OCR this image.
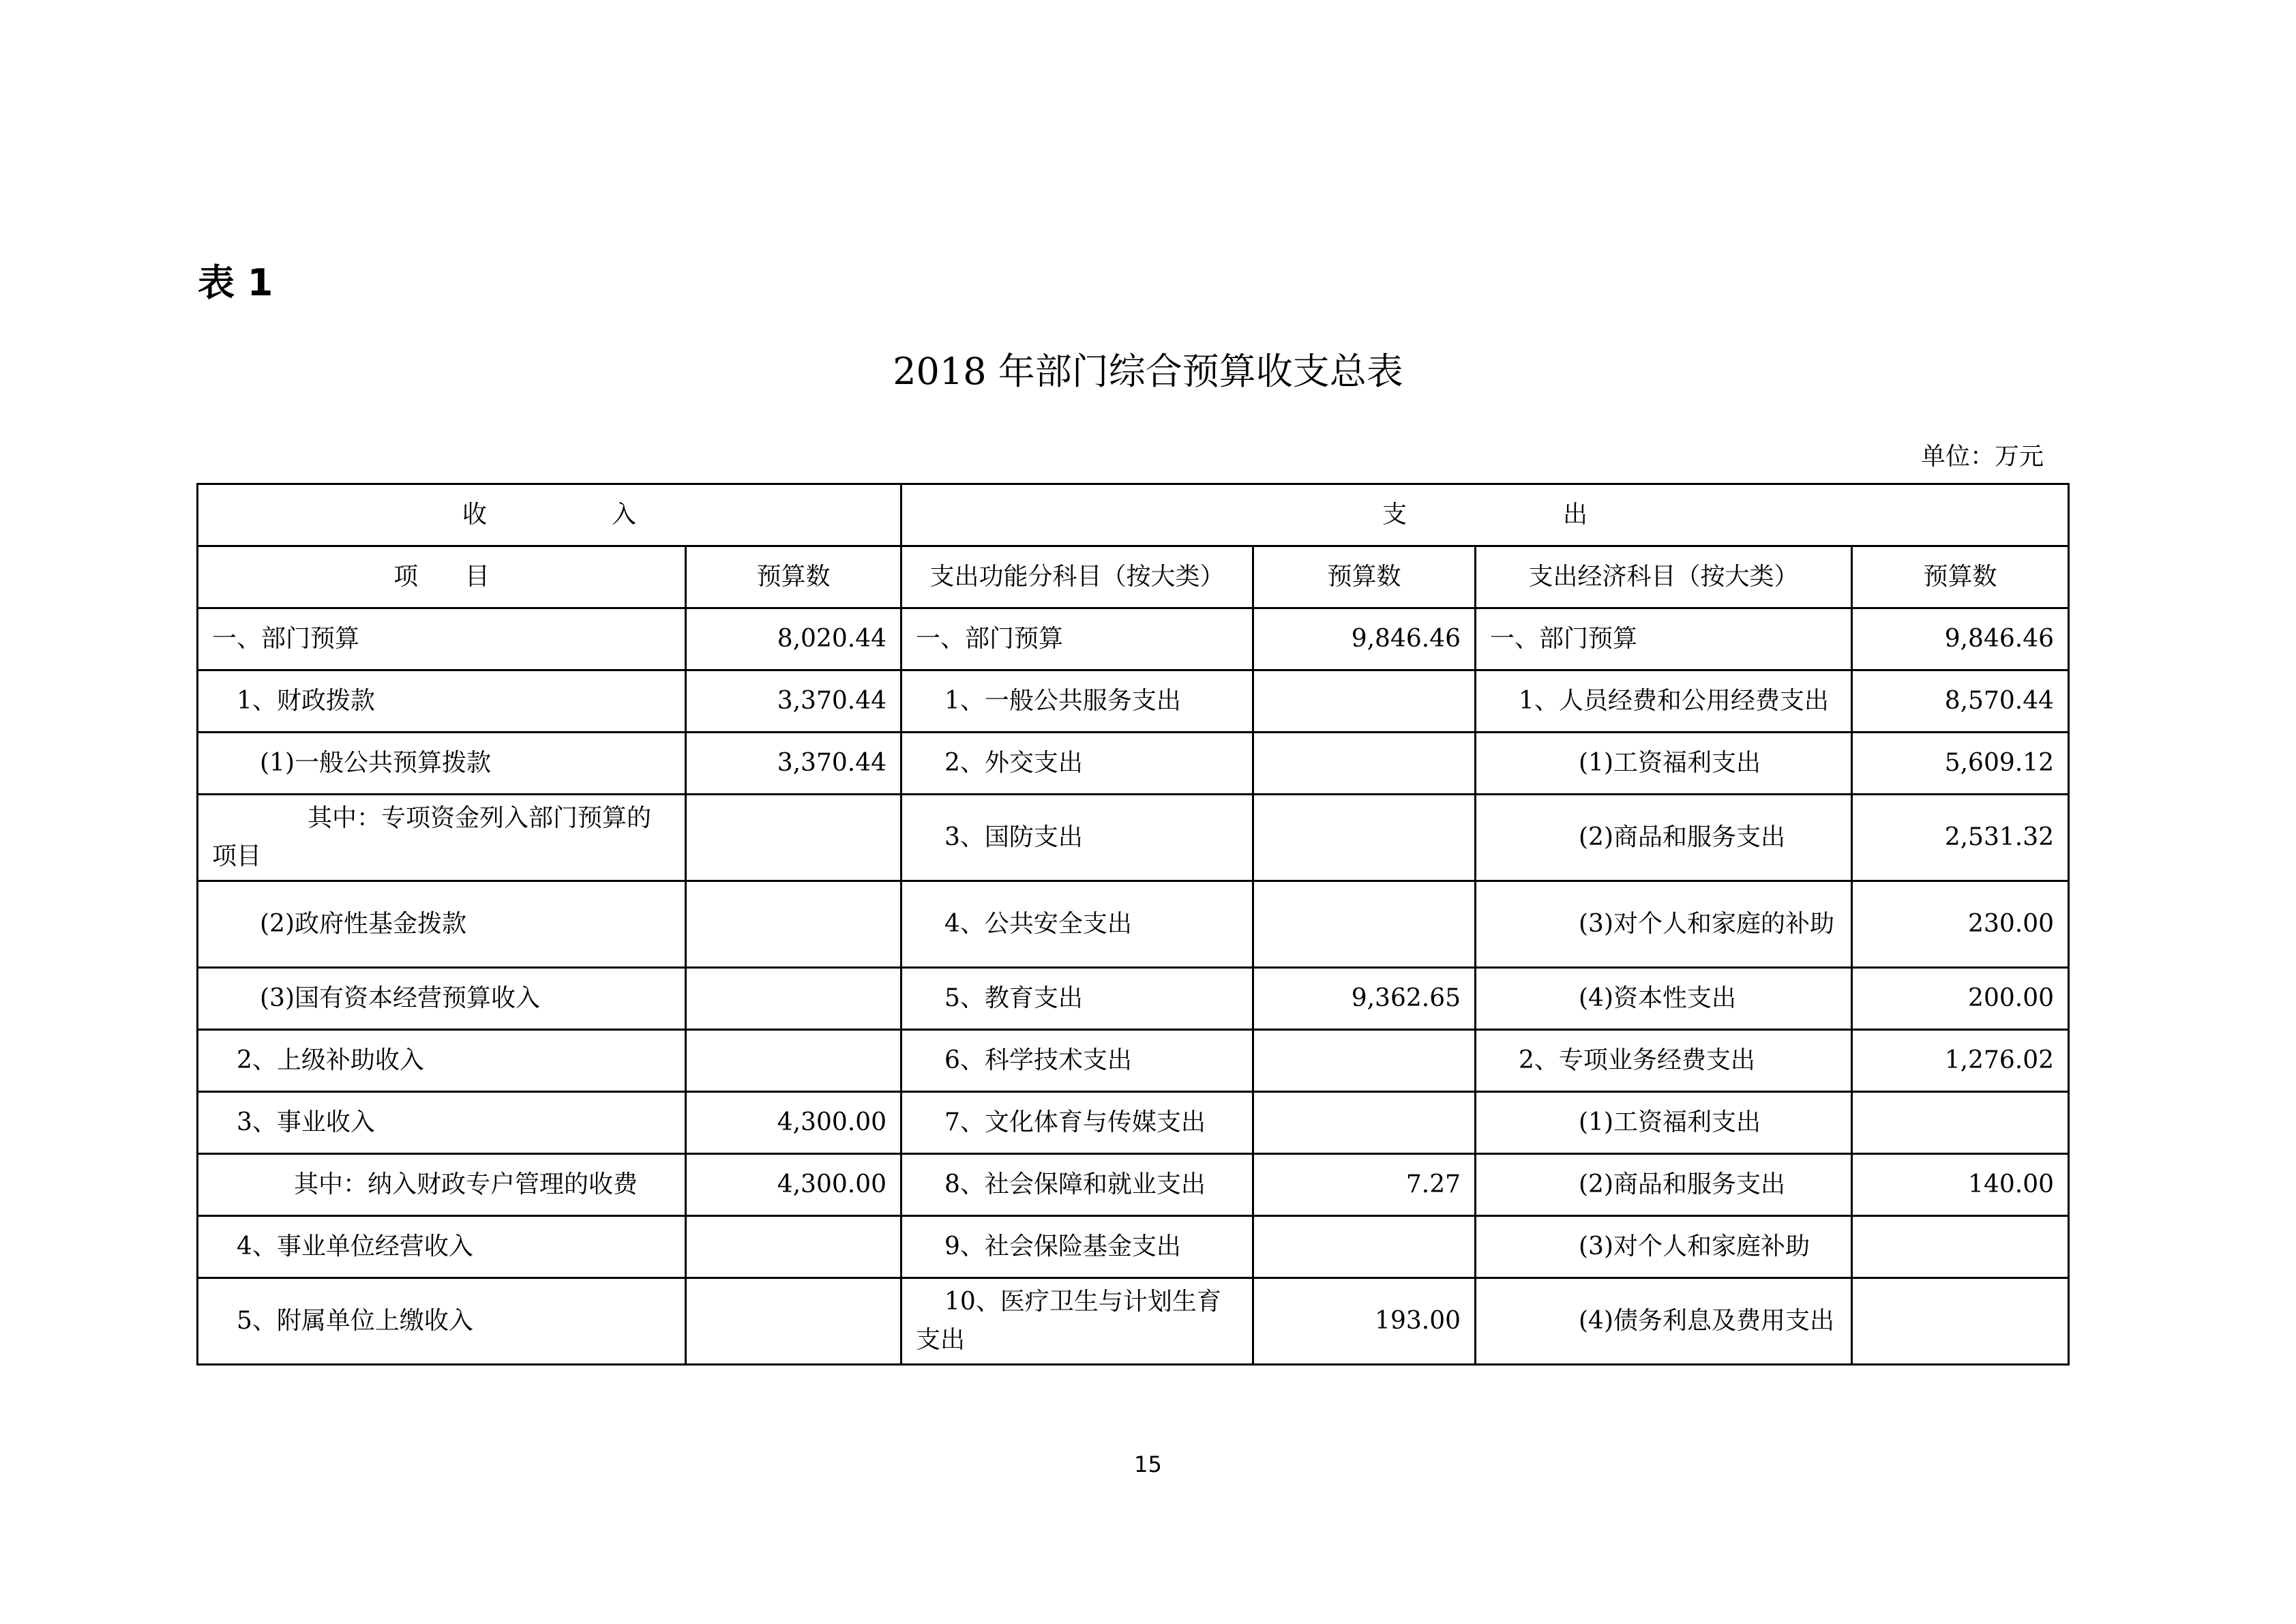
表 1
2018 年部门综合预算收支总表
单位：万元
收                入		支                    出			
项      目	预算数	支出功能分科目（按大类）	预算数	支出经济科目（按大类）	预算数
一、部门预算	8,020.44	一、部门预算	9,846.46	一、部门预算	9,846.46
1、财政拨款	3,370.44	1、一般公共服务支出		1、人员经费和公用经费支出	8,570.44
(1)一般公共预算拨款	3,370.44	2、外交支出		(1)工资福利支出	5,609.12
其中：专项资金列入部门预算的项目		3、国防支出		(2)商品和服务支出	2,531.32
(2)政府性基金拨款		4、公共安全支出		(3)对个人和家庭的补助	230.00
(3)国有资本经营预算收入		5、教育支出	9,362.65	(4)资本性支出	200.00
2、上级补助收入		6、科学技术支出		2、专项业务经费支出	1,276.02
3、事业收入	4,300.00	7、文化体育与传媒支出		(1)工资福利支出	
其中：纳入财政专户管理的收费	4,300.00	8、社会保障和就业支出	7.27	(2)商品和服务支出	140.00
4、事业单位经营收入		9、社会保险基金支出		(3)对个人和家庭补助	
5、附属单位上缴收入		10、医疗卫生与计划生育支出	193.00	(4)债务利息及费用支出	
15
